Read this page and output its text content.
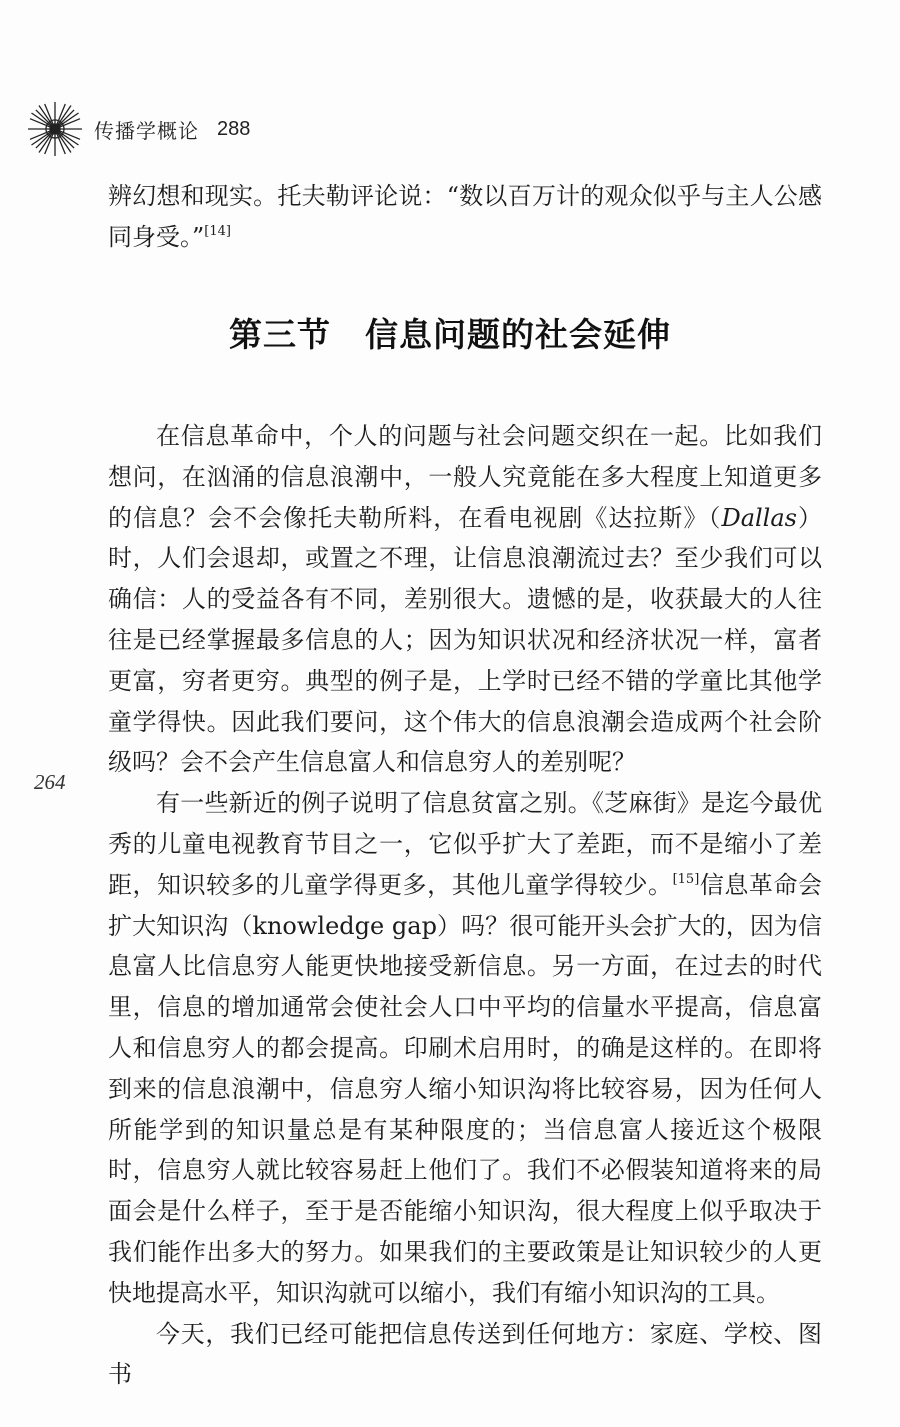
传播学概论 288

辨幻想和现实。托夫勒评论说：“数以百万计的观众似乎与主人公感同身受。”[14]

第三节　信息问题的社会延伸

在信息革命中，个人的问题与社会问题交织在一起。比如我们想问，在汹涌的信息浪潮中，一般人究竟能在多大程度上知道更多的信息？会不会像托夫勒所料，在看电视剧《达拉斯》（Dallas）时，人们会退却，或置之不理，让信息浪潮流过去？至少我们可以确信：人的受益各有不同，差别很大。遗憾的是，收获最大的人往往是已经掌握最多信息的人；因为知识状况和经济状况一样，富者更富，穷者更穷。典型的例子是，上学时已经不错的学童比其他学童学得快。因此我们要问，这个伟大的信息浪潮会造成两个社会阶级吗？会不会产生信息富人和信息穷人的差别呢？

有一些新近的例子说明了信息贫富之别。《芝麻街》是迄今最优秀的儿童电视教育节目之一，它似乎扩大了差距，而不是缩小了差距，知识较多的儿童学得更多，其他儿童学得较少。[15]信息革命会扩大知识沟（knowledge gap）吗？很可能开头会扩大的，因为信息富人比信息穷人能更快地接受新信息。另一方面，在过去的时代里，信息的增加通常会使社会人口中平均的信量水平提高，信息富人和信息穷人的都会提高。印刷术启用时，的确是这样的。在即将到来的信息浪潮中，信息穷人缩小知识沟将比较容易，因为任何人所能学到的知识量总是有某种限度的；当信息富人接近这个极限时，信息穷人就比较容易赶上他们了。我们不必假装知道将来的局面会是什么样子，至于是否能缩小知识沟，很大程度上似乎取决于我们能作出多大的努力。如果我们的主要政策是让知识较少的人更快地提高水平，知识沟就可以缩小，我们有缩小知识沟的工具。

今天，我们已经可能把信息传送到任何地方：家庭、学校、图书

264
